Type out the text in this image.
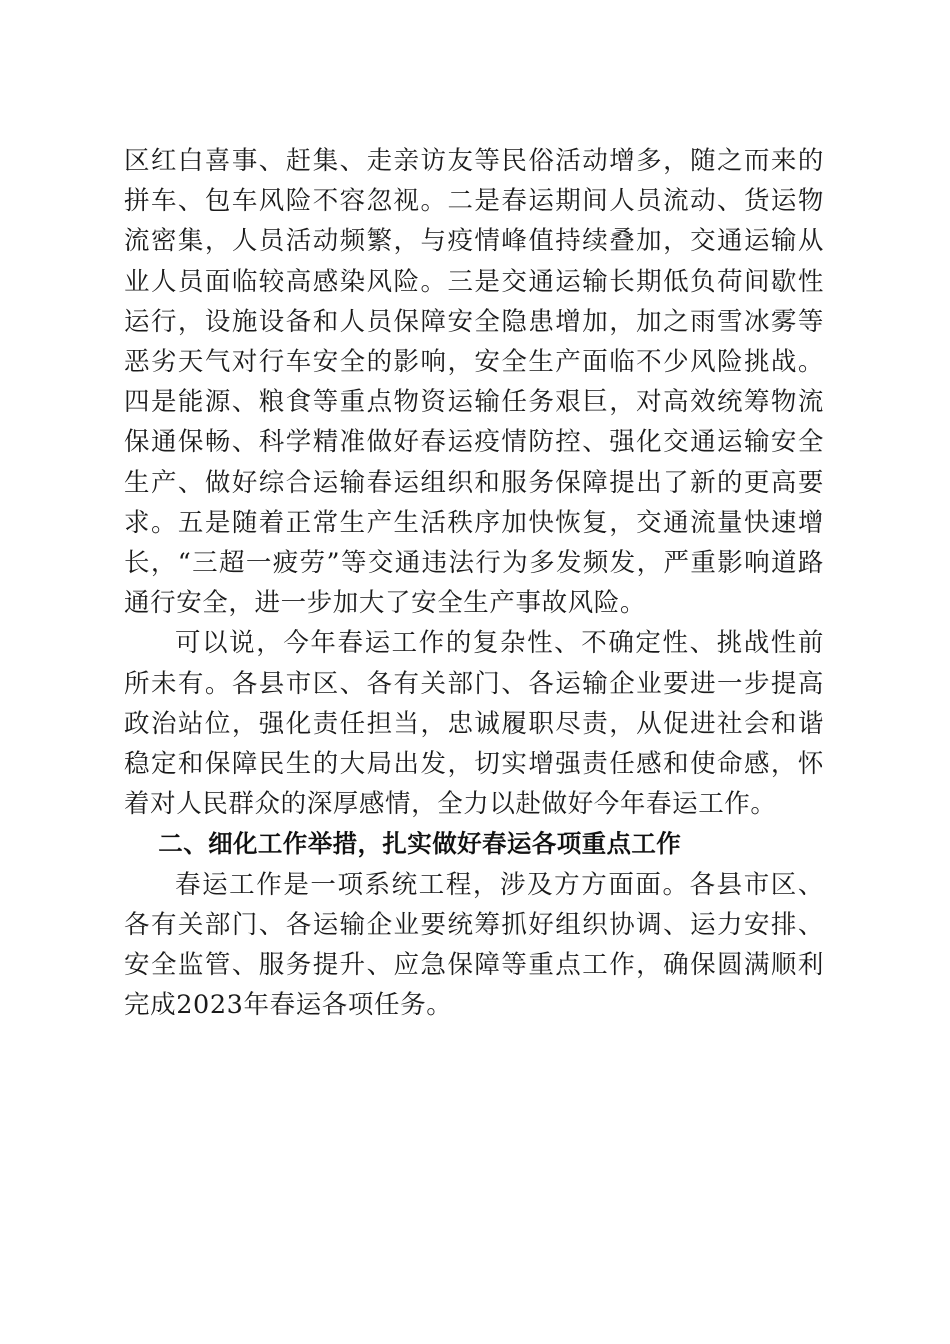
区红白喜事、赶集、走亲访友等民俗活动增多，随之而来的拼车、包车风险不容忽视。二是春运期间人员流动、货运物流密集，人员活动频繁，与疫情峰值持续叠加，交通运输从业人员面临较高感染风险。三是交通运输长期低负荷间歇性运行，设施设备和人员保障安全隐患增加，加之雨雪冰雾等恶劣天气对行车安全的影响，安全生产面临不少风险挑战。四是能源、粮食等重点物资运输任务艰巨，对高效统筹物流保通保畅、科学精准做好春运疫情防控、强化交通运输安全生产、做好综合运输春运组织和服务保障提出了新的更高要求。五是随着正常生产生活秩序加快恢复，交通流量快速增长，“三超一疲劳”等交通违法行为多发频发，严重影响道路通行安全，进一步加大了安全生产事故风险。

可以说，今年春运工作的复杂性、不确定性、挑战性前所未有。各县市区、各有关部门、各运输企业要进一步提高政治站位，强化责任担当，忠诚履职尽责，从促进社会和谐稳定和保障民生的大局出发，切实增强责任感和使命感，怀着对人民群众的深厚感情，全力以赴做好今年春运工作。

二、细化工作举措，扎实做好春运各项重点工作

春运工作是一项系统工程，涉及方方面面。各县市区、各有关部门、各运输企业要统筹抓好组织协调、运力安排、安全监管、服务提升、应急保障等重点工作，确保圆满顺利完成2023年春运各项任务。
